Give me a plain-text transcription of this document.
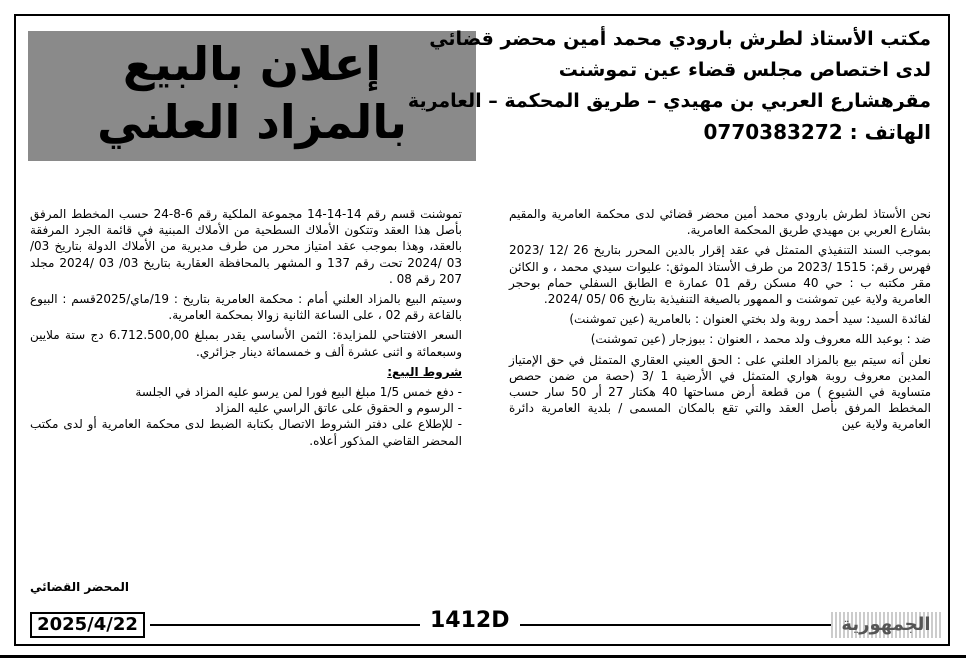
إعلان بالبيع
بالمزاد العلني
مكتب الأستاذ لطرش بارودي محمد أمين محضر قضائي
لدى اختصاص مجلس قضاء عين تموشنت
مقرهشارع العربي بن مهيدي – طريق المحكمة – العامرية
الهاتف : 0770383272

نحن الأستاذ لطرش بارودي محمد أمين محضر قضائي لدى محكمة العامرية والمقيم بشارع العربي بن مهيدي طريق المحكمة العامرية.

بموجب السند التنفيذي المتمثل في عقد إقرار بالدين المحرر بتاريخ 26 /12 /2023 فهرس رقم: 1515 /2023 من طرف الأستاذ الموثق: عليوات سيدي محمد ، و الكائن مقر مكتبه ب : حي 40 مسكن رقم 01 عمارة e الطابق السفلي حمام بوحجر العامرية ولاية عين تموشنت و الممهور بالصيغة التنفيذية بتاريخ 06 /05 /2024.

لفائدة السيد: سيد أحمد روبة ولد بختي العنوان : بالعامرية (عين تموشنت)

ضد : بوعبد الله معروف ولد محمد ، العنوان : ببوزجار (عين تموشنت)

نعلن أنه سيتم بيع بالمزاد العلني على : الحق العيني العقاري المتمثل في حق الإمتياز المدين معروف روبة هواري المتمثل في الأرضية 1 /3 (حصة من ضمن حصص متساوية في الشيوع ) من قطعة أرض مساحتها 40 هكتار 27 أر 50 سار حسب المخطط المرفق بأصل العقد والتي تقع بالمكان المسمى / بلدية العامرية دائرة العامرية ولاية عين

تموشنت قسم رقم 14-14-14 مجموعة الملكية رقم 6-8-24 حسب المخطط المرفق بأصل هذا العقد وتتكون الأملاك السطحية من الأملاك المبنية في قائمة الجرد المرفقة بالعقد، وهذا بموجب عقد امتياز محرر من طرف مديرية من الأملاك الدولة بتاريخ 03/ 03 /2024 تحت رقم 137 و المشهر بالمحافظة العقارية بتاريخ 03/ 03 /2024 مجلد 207 رقم 08 .

وسيتم البيع بالمزاد العلني أمام : محكمة العامرية بتاريخ : 19/ماي/2025قسم : البيوع بالقاعة رقم 02 ، على الساعة الثانية زوالا بمحكمة العامرية.

السعر الافتتاحي للمزايدة: الثمن الأساسي يقدر بمبلغ 6.712.500,00 دج ستة ملايين وسبعمائة و اثنى عشرة ألف و خمسمائة دينار جزائري.

شروط البيع:

- دفع خمس 1/5 مبلغ البيع فورا لمن يرسو عليه المزاد في الجلسة

- الرسوم و الحقوق على عاتق الراسي عليه المزاد

- للإطلاع على دفتر الشروط الاتصال بكتابة الضبط لدى محكمة العامرية أو لدى مكتب المحضر القاضي المذكور أعلاه.

المحضر القضائي
2025/4/22	1412D	الجمهورية
